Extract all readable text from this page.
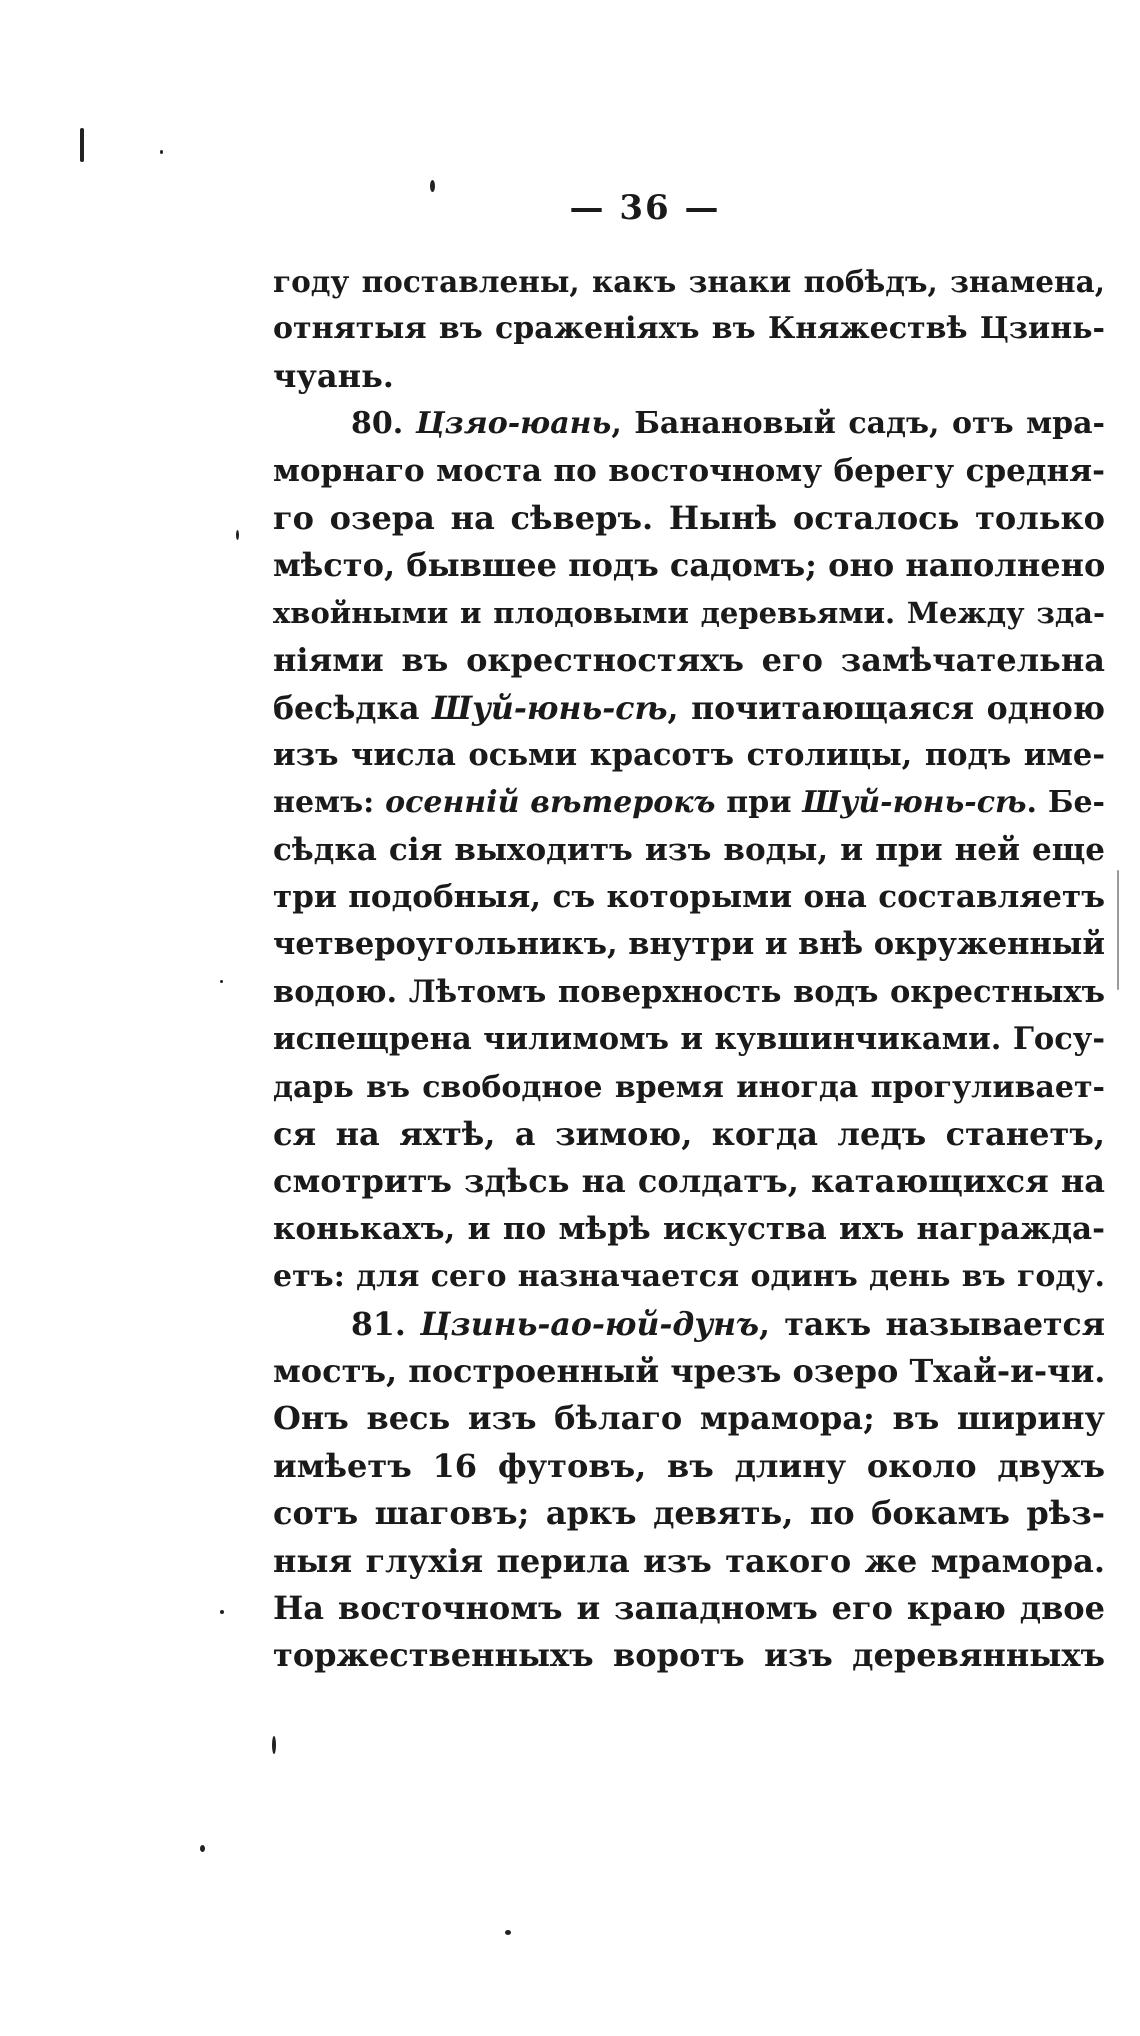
— 36 —
году поставлены, какъ знаки побѣдъ, знамена,
отнятыя въ сраженіяхъ въ Княжествѣ Цзинь-
чуань.
80. Цзяо-юань, Банановый садъ, отъ мра-
морнаго моста по восточному берегу средня-
го озера на сѣверъ. Нынѣ осталось только
мѣсто, бывшее подъ садомъ; оно наполнено
хвойными и плодовыми деревьями. Между зда-
ніями въ окрестностяхъ его замѣчательна
бесѣдка Шуй-юнь-сѣ, почитающаяся одною
изъ числа осьми красотъ столицы, подъ име-
немъ: осеннiй вѣтерокъ при Шуй-юнь-сѣ. Бе-
сѣдка сія выходитъ изъ воды, и при ней еще
три подобныя, съ которыми она составляетъ
четвероугольникъ, внутри и внѣ окруженный
водою. Лѣтомъ поверхность водъ окрестныхъ
испещрена чилимомъ и кувшинчиками. Госу-
дарь въ свободное время иногда прогуливает-
ся на яхтѣ, а зимою, когда ледъ станетъ,
смотритъ здѣсь на солдатъ, катающихся на
конькахъ, и по мѣрѣ искуства ихъ награжда-
етъ: для сего назначается одинъ день въ году.
81. Цзинь-ао-юй-дунъ, такъ называется
мостъ, построенный чрезъ озеро Тхай-и-чи.
Онъ весь изъ бѣлаго мрамора; въ ширину
имѣетъ 16 футовъ, въ длину около двухъ
сотъ шаговъ; аркъ девять, по бокамъ рѣз-
ныя глухія перила изъ такого же мрамора.
На восточномъ и западномъ его краю двое
торжественныхъ воротъ изъ деревянныхъ
